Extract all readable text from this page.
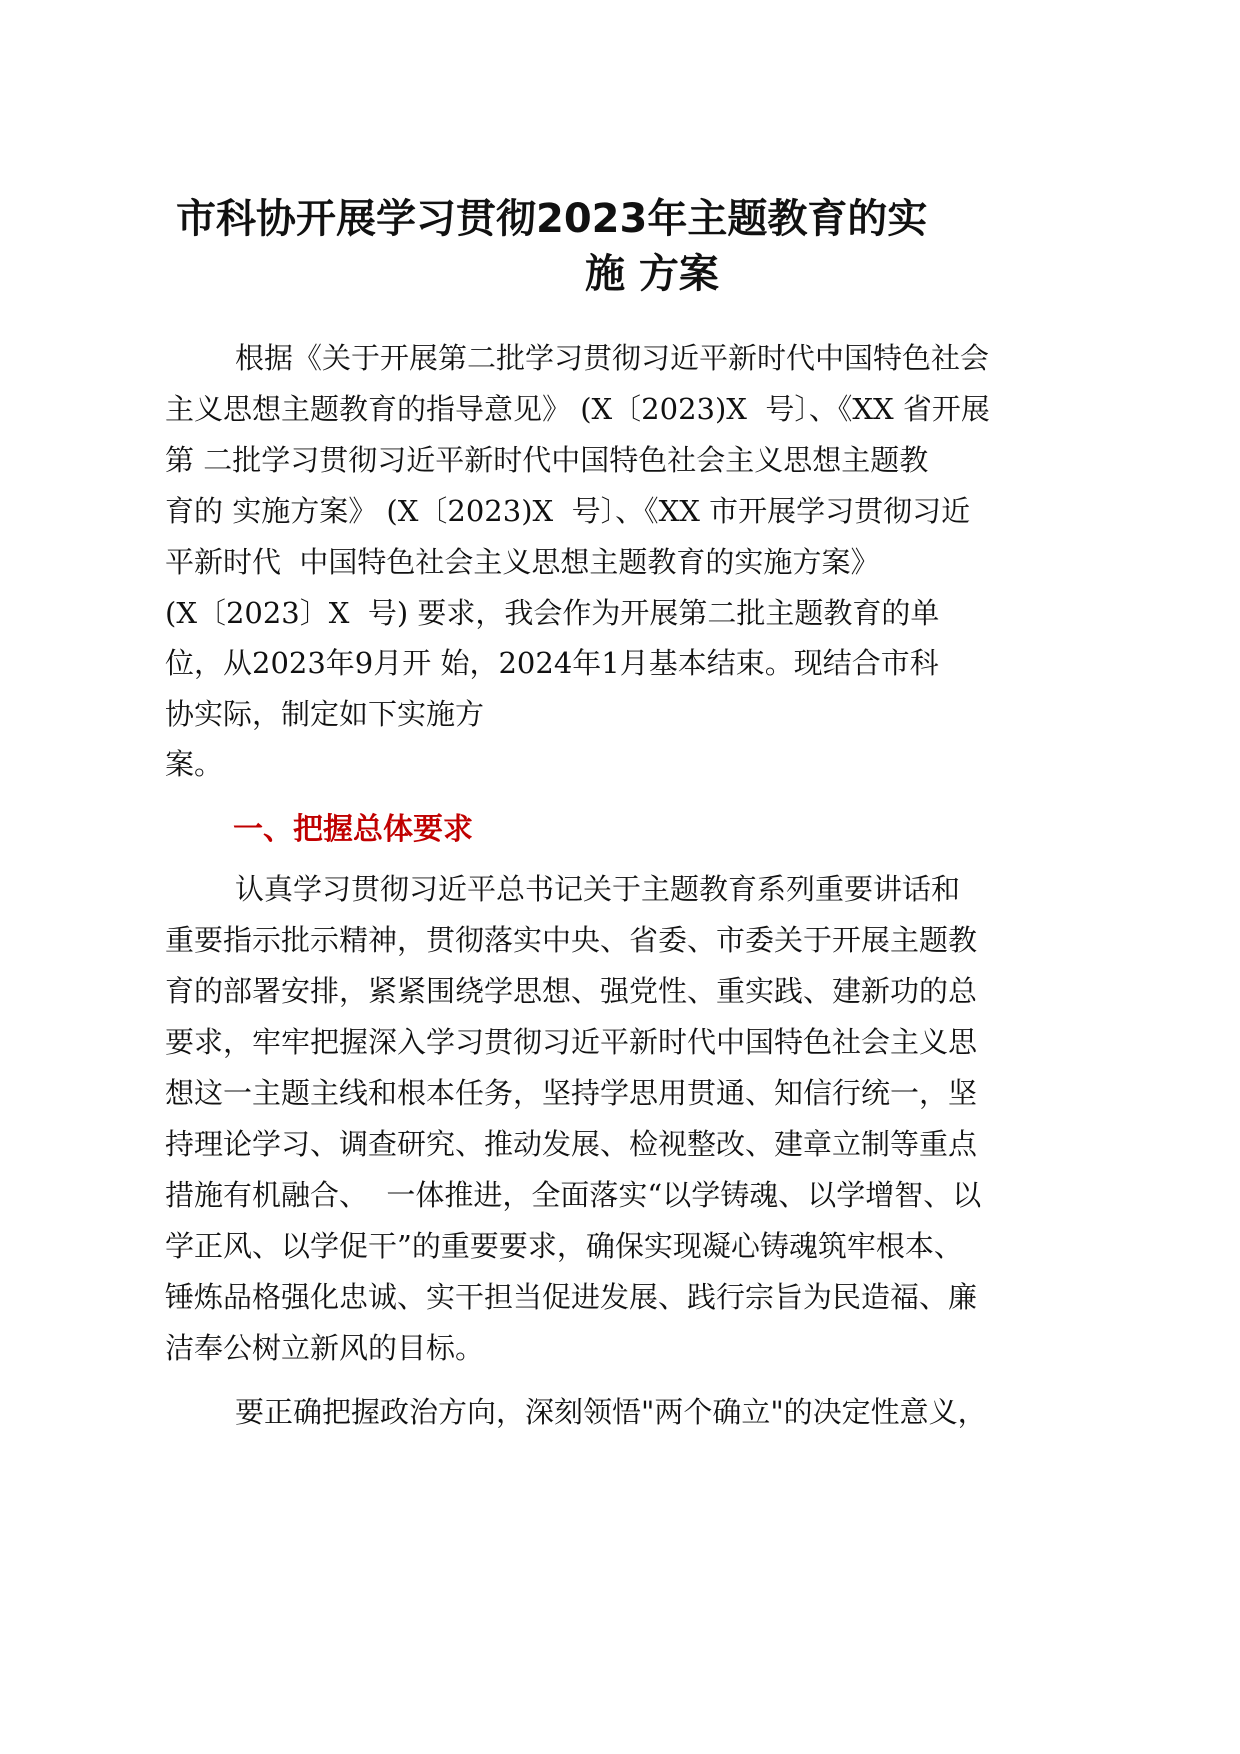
市科协开展学习贯彻2023年主题教育的实
施 方案
根据《关于开展第二批学习贯彻习近平新时代中国特色社会
主义思想主题教育的指导意见》 (X〔2023)X  号〕、《XX 省开展
第 二批学习贯彻习近平新时代中国特色社会主义思想主题教
育的 实施方案》 (X〔2023)X  号〕、《XX 市开展学习贯彻习近
平新时代  中国特色社会主义思想主题教育的实施方案》
(X〔2023〕X  号) 要求，我会作为开展第二批主题教育的单
位，从2023年9月开 始，2024年1月基本结束。现结合市科
协实际，制定如下实施方
案。
一、把握总体要求
认真学习贯彻习近平总书记关于主题教育系列重要讲话和
重要指示批示精神，贯彻落实中央、省委、市委关于开展主题教
育的部署安排，紧紧围绕学思想、强党性、重实践、建新功的总
要求，牢牢把握深入学习贯彻习近平新时代中国特色社会主义思
想这一主题主线和根本任务，坚持学思用贯通、知信行统一，坚
持理论学习、调查研究、推动发展、检视整改、建章立制等重点
措施有机融合、  一体推进，全面落实“以学铸魂、以学增智、以
学正风、以学促干”的重要要求，确保实现凝心铸魂筑牢根本、
锤炼品格强化忠诚、实干担当促进发展、践行宗旨为民造福、廉
洁奉公树立新风的目标。
要正确把握政治方向，深刻领悟"两个确立"的决定性意义，
